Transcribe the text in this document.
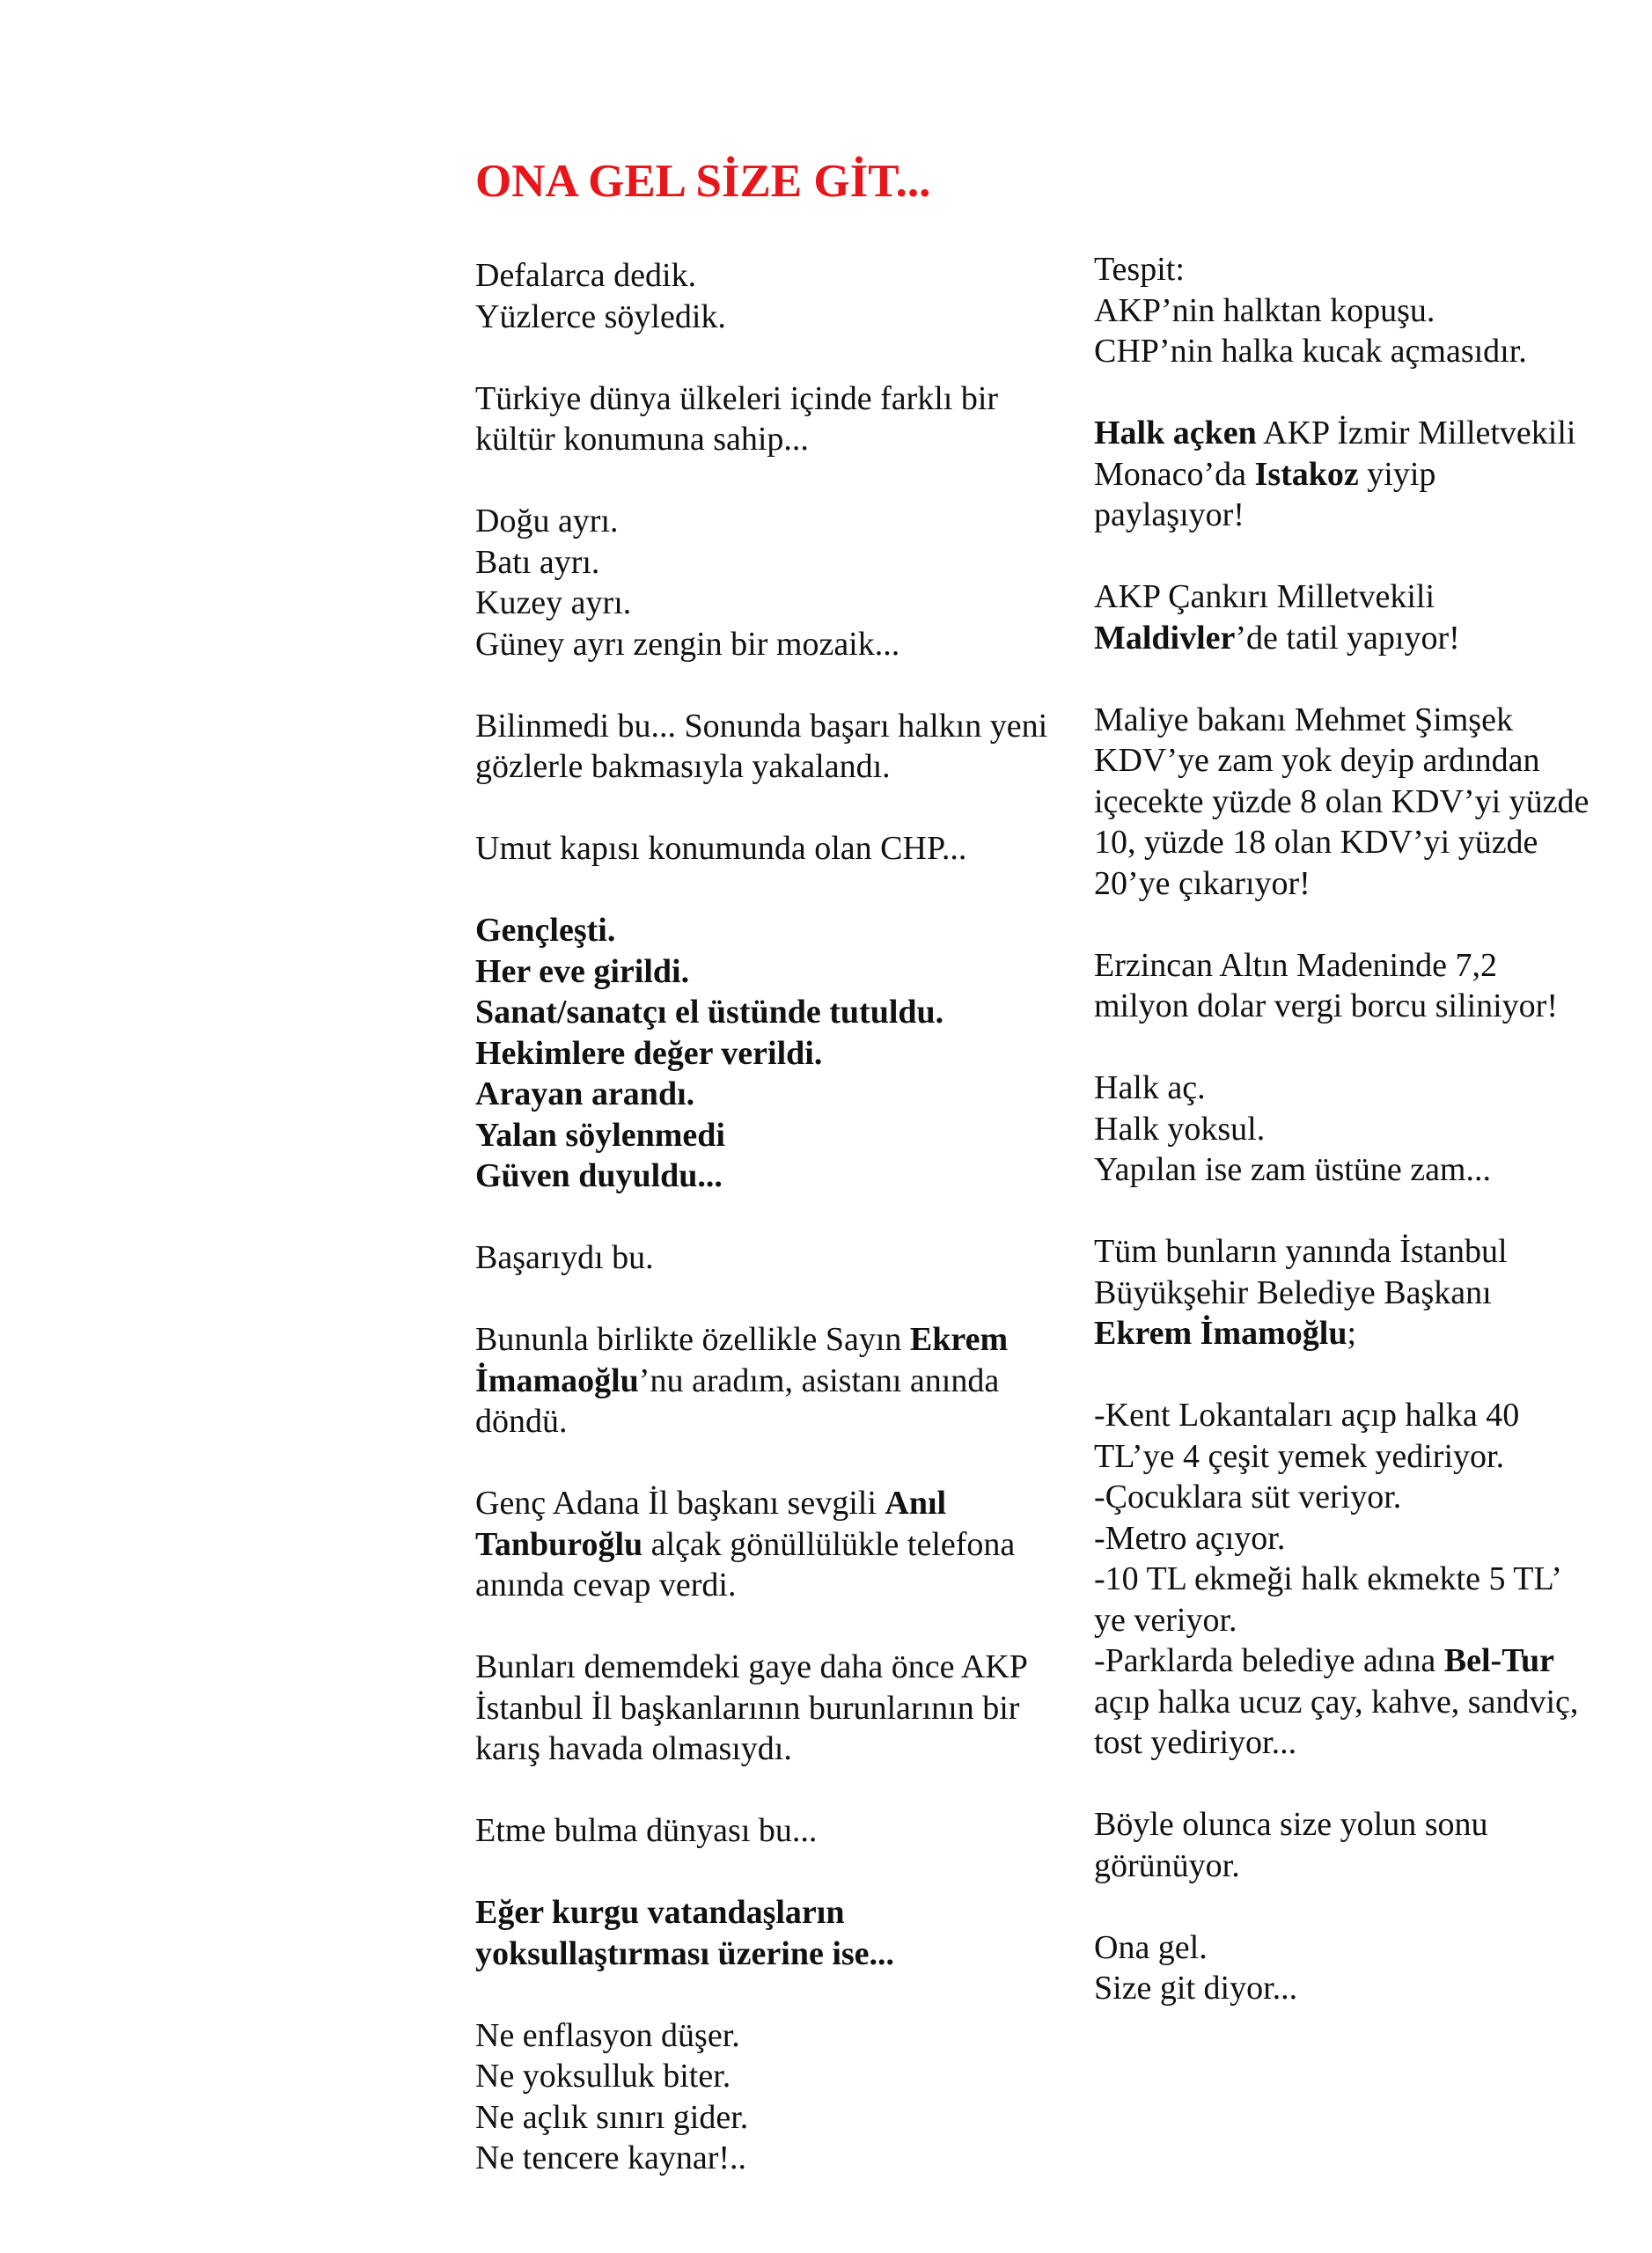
ONA GEL SİZE GİT...
Defalarca dedik.
Yüzlerce söyledik.
Türkiye dünya ülkeleri içinde farklı bir
kültür konumuna sahip...
Doğu ayrı.
Batı ayrı.
Kuzey ayrı.
Güney ayrı zengin bir mozaik...
Bilinmedi bu... Sonunda başarı halkın yeni
gözlerle bakmasıyla yakalandı.
Umut kapısı konumunda olan CHP...
Gençleşti.
Her eve girildi.
Sanat/sanatçı el üstünde tutuldu.
Hekimlere değer verildi.
Arayan arandı.
Yalan söylenmedi
Güven duyuldu...
Başarıydı bu.
Bununla birlikte özellikle Sayın Ekrem
İmamaoğlu’nu aradım, asistanı anında
döndü.
Genç Adana İl başkanı sevgili Anıl
Tanburoğlu alçak gönüllülükle telefona
anında cevap verdi.
Bunları dememdeki gaye daha önce AKP
İstanbul İl başkanlarının burunlarının bir
karış havada olmasıydı.
Etme bulma dünyası bu...
Eğer kurgu vatandaşların
yoksullaştırması üzerine ise...
Ne enflasyon düşer.
Ne yoksulluk biter.
Ne açlık sınırı gider.
Ne tencere kaynar!..
Tespit:
AKP’nin halktan kopuşu.
CHP’nin halka kucak açmasıdır.
Halk açken AKP İzmir Milletvekili
Monaco’da Istakoz yiyip
paylaşıyor!
AKP Çankırı Milletvekili
Maldivler’de tatil yapıyor!
Maliye bakanı Mehmet Şimşek
KDV’ye zam yok deyip ardından
içecekte yüzde 8 olan KDV’yi yüzde
10, yüzde 18 olan KDV’yi yüzde
20’ye çıkarıyor!
Erzincan Altın Madeninde 7,2
milyon dolar vergi borcu siliniyor!
Halk aç.
Halk yoksul.
Yapılan ise zam üstüne zam...
Tüm bunların yanında İstanbul
Büyükşehir Belediye Başkanı
Ekrem İmamoğlu;
-Kent Lokantaları açıp halka 40
TL’ye 4 çeşit yemek yediriyor.
-Çocuklara süt veriyor.
-Metro açıyor.
-10 TL ekmeği halk ekmekte 5 TL’
ye veriyor.
-Parklarda belediye adına Bel-Tur
açıp halka ucuz çay, kahve, sandviç,
tost yediriyor...
Böyle olunca size yolun sonu
görünüyor.
Ona gel.
Size git diyor...
